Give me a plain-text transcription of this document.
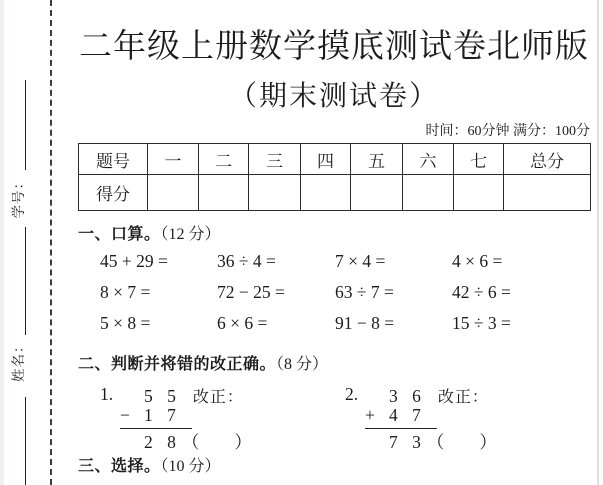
姓名：学号：
二年级上册数学摸底测试卷北师版
（期末测试卷）
时间：60分钟 满分：100分
题号	一	二	三	四	五	六	七	总分
得分								
一、口算。（12 分）
45 + 29 =	36 ÷ 4 =	7 × 4 =	4 × 6 =
8 × 7 =	72 − 25 =	63 ÷ 7 =	42 ÷ 6 =
5 × 8 =	6 × 6 =	91 − 8 =	15 ÷ 3 =
二、判断并将错的改正确。（8 分）
1.	5 5 改正：
− 1 7
2 8 （　　）
2.	3 6 改正：
+ 4 7
7 3 （　　）
三、选择。（10 分）
